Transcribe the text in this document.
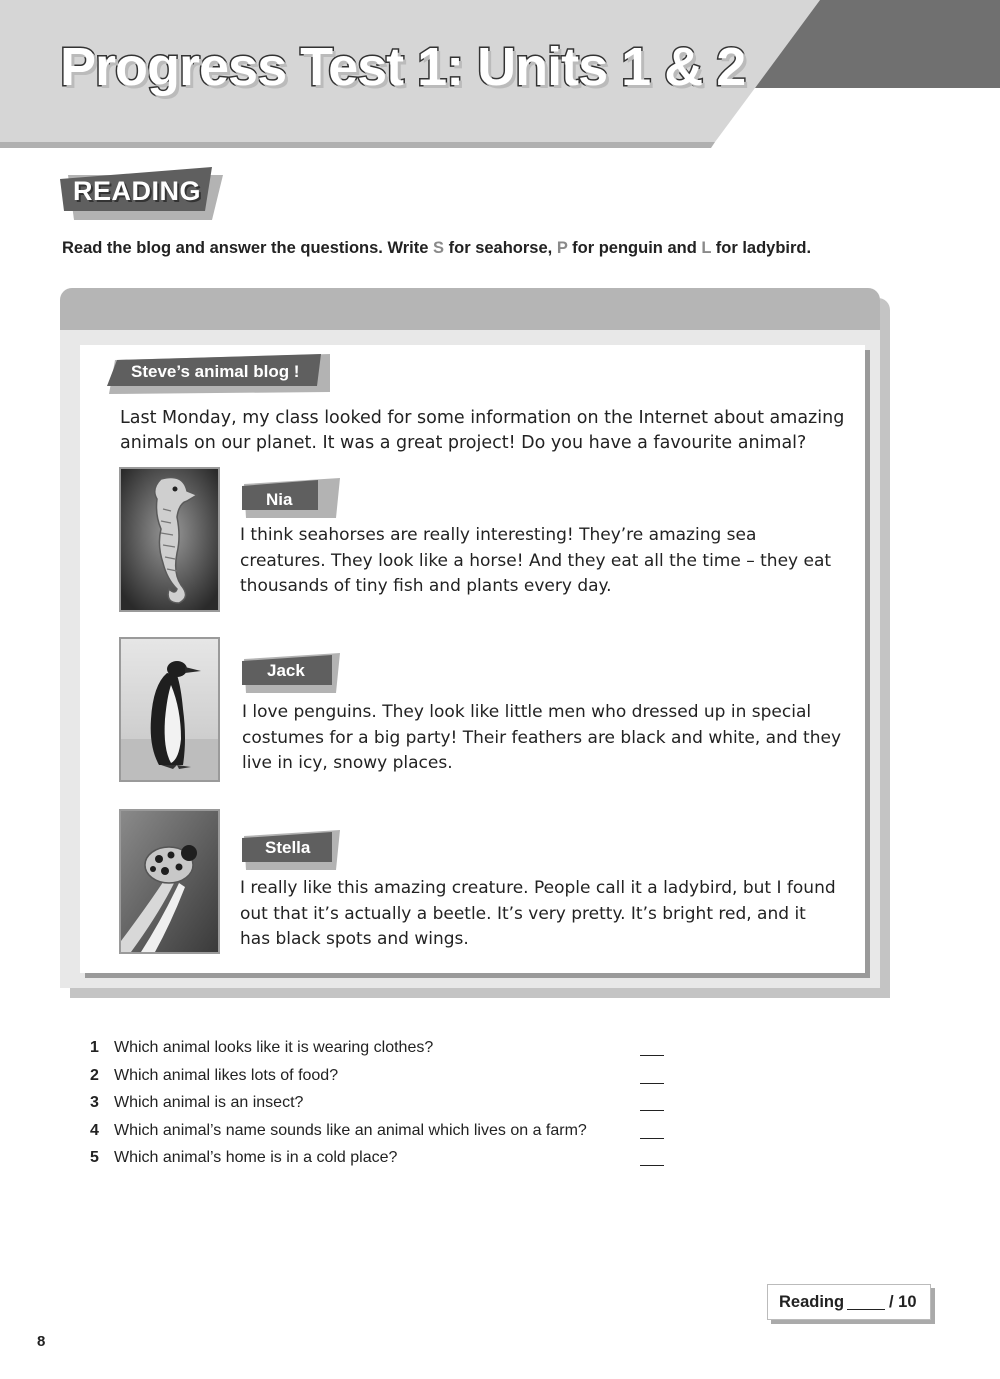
Progress Test 1: Units 1 & 2
READING

Read the blog and answer the questions. Write S for seahorse, P for penguin and L for ladybird.

Steve’s animal blog !

Last Monday, my class looked for some information on the Internet about amazing animals on our planet. It was a great project! Do you have a favourite animal?

Nia

I think seahorses are really interesting! They’re amazing sea creatures. They look like a horse! And they eat all the time – they eat thousands of tiny fish and plants every day.

Jack

I love penguins. They look like little men who dressed up in special costumes for a big party! Their feathers are black and white, and they live in icy, snowy places.

Stella

I really like this amazing creature. People call it a ladybird, but I found out that it’s actually a beetle. It’s very pretty. It’s bright red, and it has black spots and wings.

1 Which animal looks like it is wearing clothes?
2 Which animal likes lots of food?
3 Which animal is an insect?
4 Which animal’s name sounds like an animal which lives on a farm?
5 Which animal’s home is in a cold place?
Reading	/ 10
8
